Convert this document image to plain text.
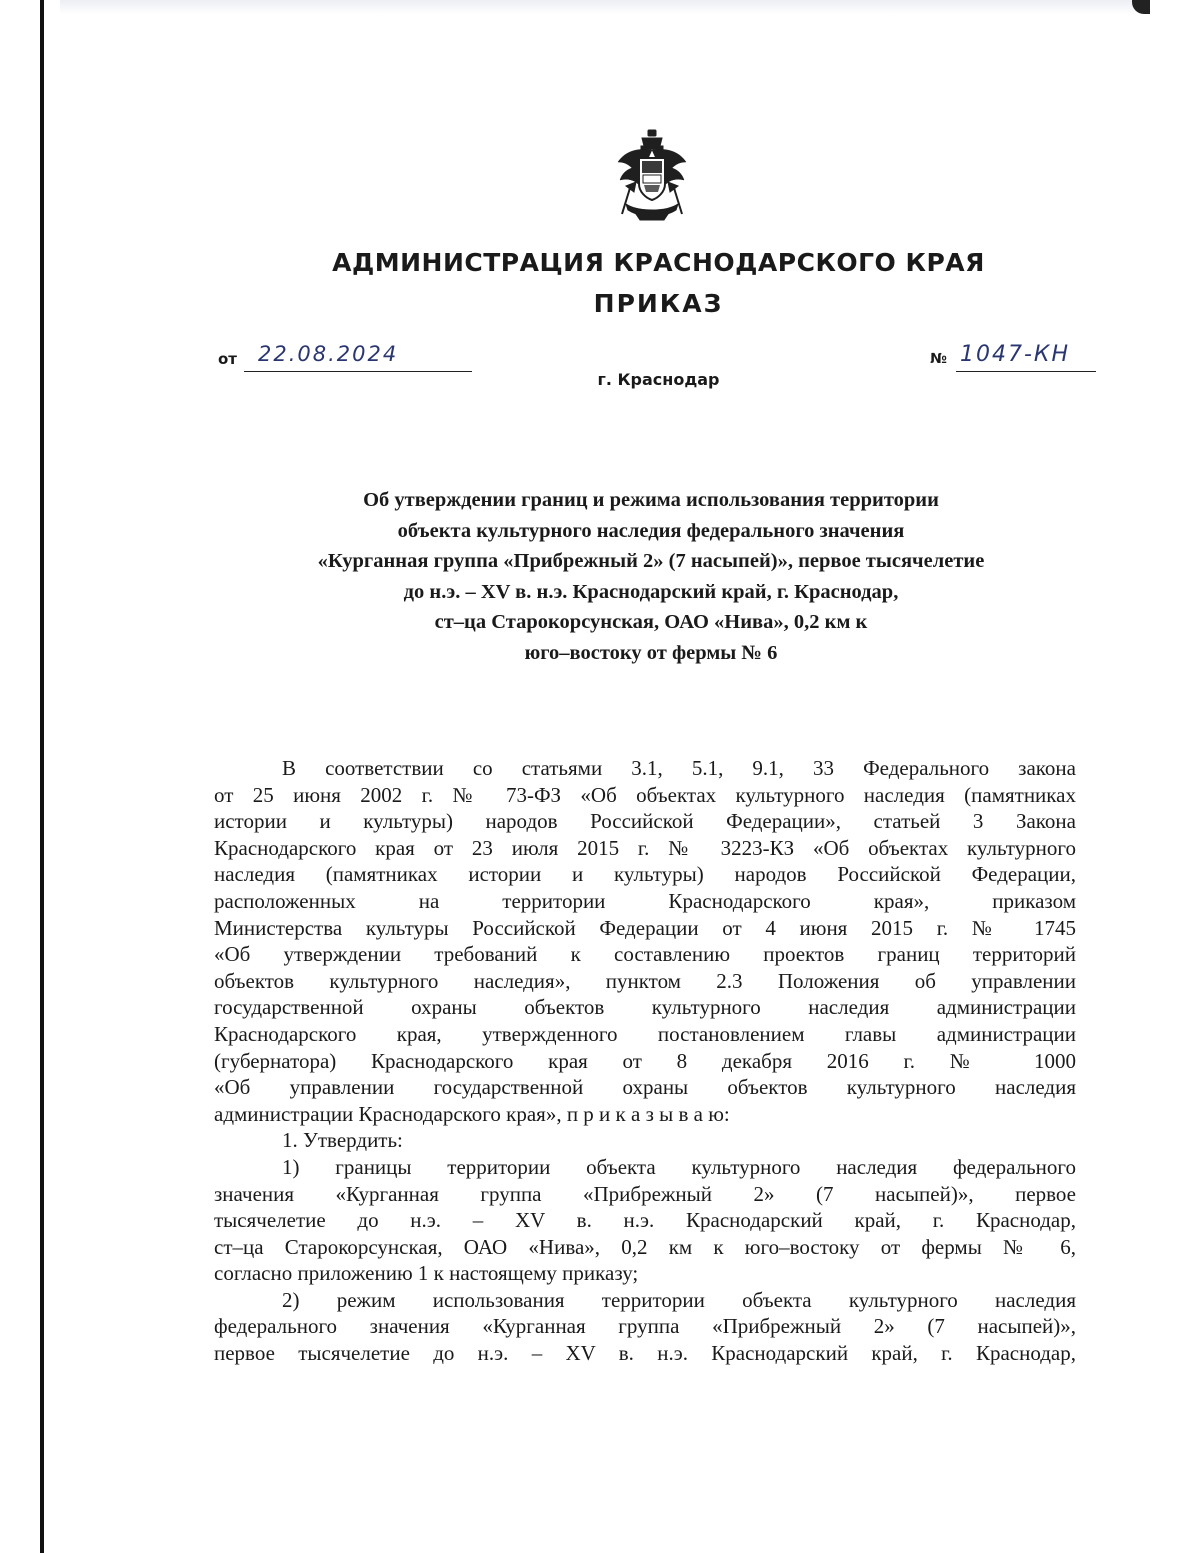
АДМИНИСТРАЦИЯ КРАСНОДАРСКОГО КРАЯ
ПРИКАЗ
от 22.08.2024	№ 1047-КН
г. Краснодар
Об утверждении границ и режима использования территории
объекта культурного наследия федерального значения
«Курганная группа «Прибрежный 2» (7 насыпей)», первое тысячелетие
до н.э. – XV в. н.э. Краснодарский край, г. Краснодар,
ст–ца Старокорсунская, ОАО «Нива», 0,2 км к
юго–востоку от фермы № 6
В соответствии со статьями 3.1, 5.1, 9.1, 33 Федерального закона
от 25 июня 2002 г. № 73-ФЗ «Об объектах культурного наследия (памятниках
истории и культуры) народов Российской Федерации», статьей 3 Закона
Краснодарского края от 23 июля 2015 г. № 3223-КЗ «Об объектах культурного
наследия (памятниках истории и культуры) народов Российской Федерации,
расположенных на территории Краснодарского края», приказом
Министерства культуры Российской Федерации от 4 июня 2015 г. № 1745
«Об утверждении требований к составлению проектов границ территорий
объектов культурного наследия», пунктом 2.3 Положения об управлении
государственной охраны объектов культурного наследия администрации
Краснодарского края, утвержденного постановлением главы администрации
(губернатора) Краснодарского края от 8 декабря 2016 г. № 1000
«Об управлении государственной охраны объектов культурного наследия
администрации Краснодарского края», п р и к а з ы в а ю:
1. Утвердить:
1) границы территории объекта культурного наследия федерального
значения «Курганная группа «Прибрежный 2» (7 насыпей)», первое
тысячелетие до н.э. – XV в. н.э. Краснодарский край, г. Краснодар,
ст–ца Старокорсунская, ОАО «Нива», 0,2 км к юго–востоку от фермы № 6,
согласно приложению 1 к настоящему приказу;
2) режим использования территории объекта культурного наследия
федерального значения «Курганная группа «Прибрежный 2» (7 насыпей)»,
первое тысячелетие до н.э. – XV в. н.э. Краснодарский край, г. Краснодар,
